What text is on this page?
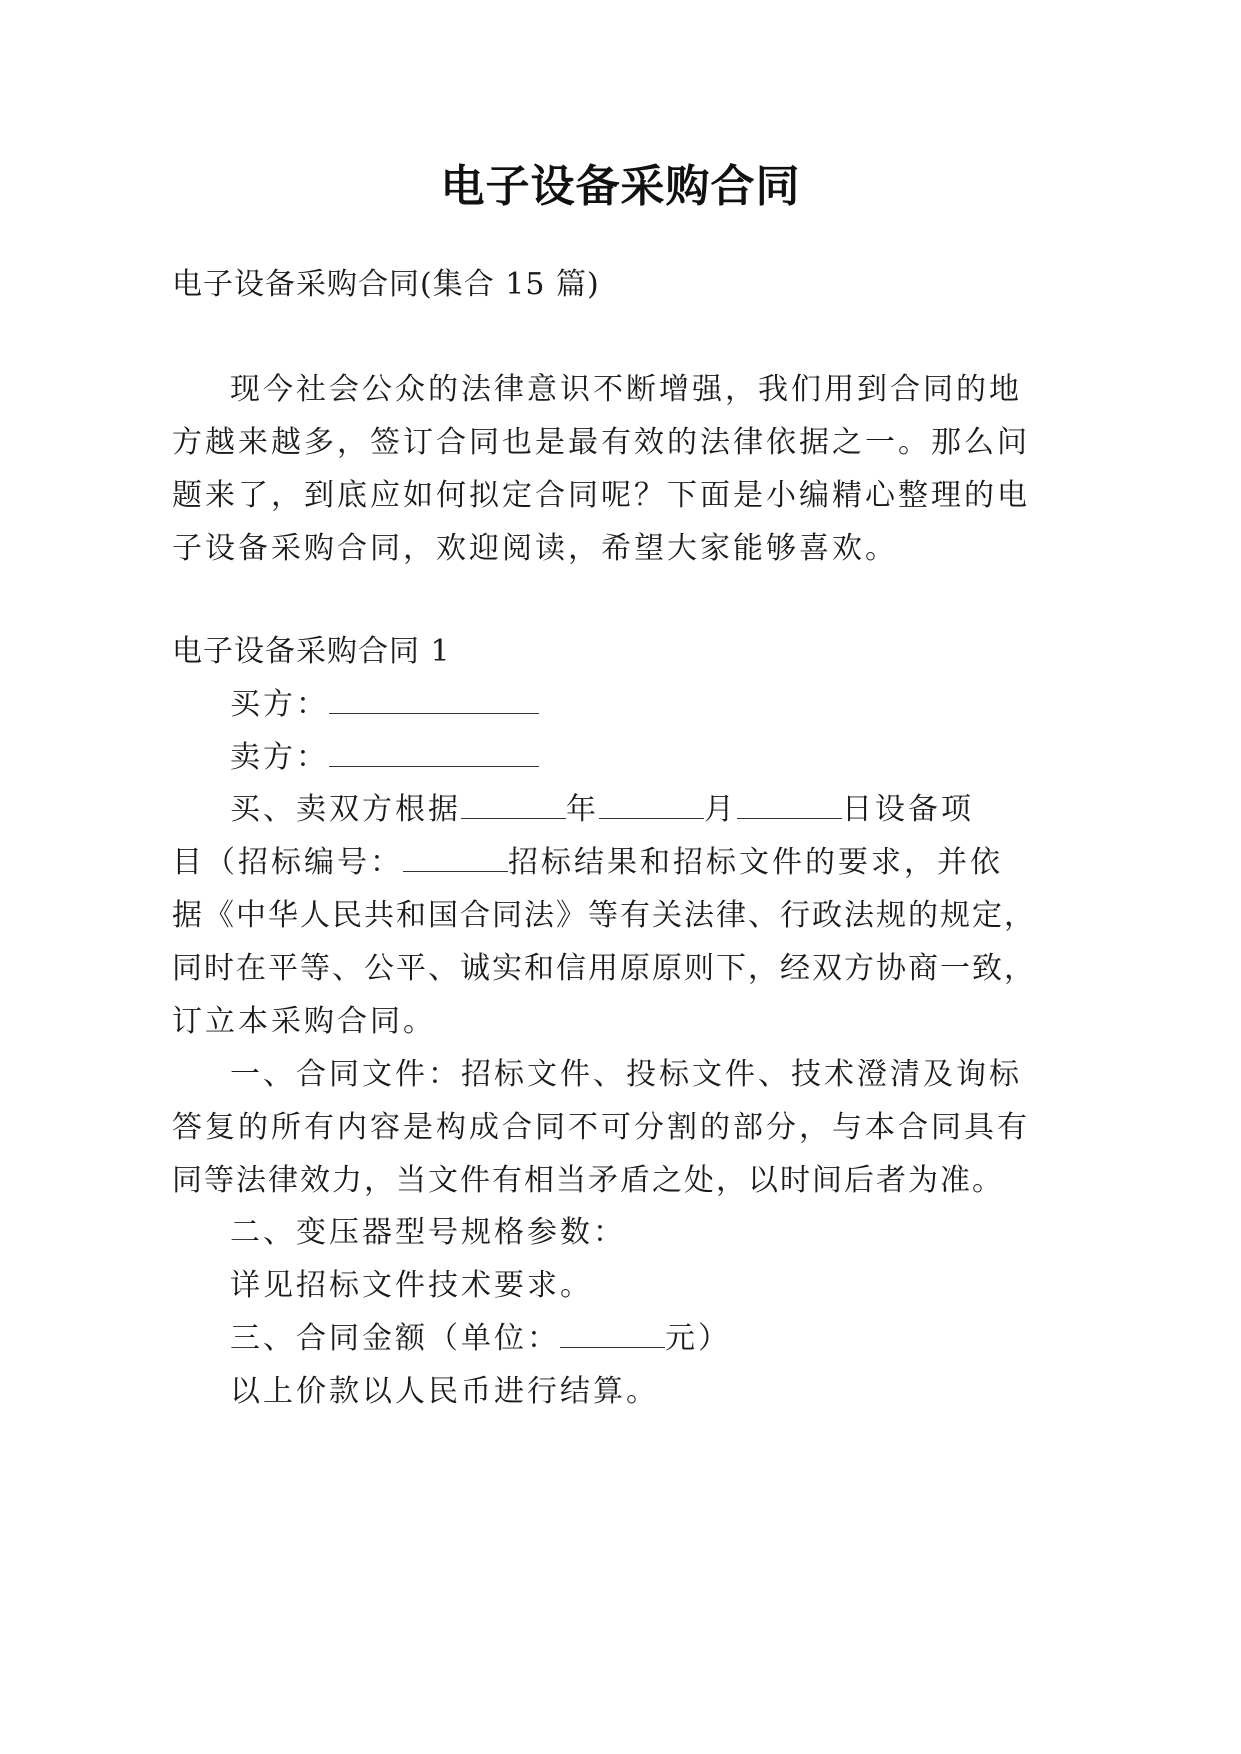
电子设备采购合同
电子设备采购合同(集合 15 篇)
现今社会公众的法律意识不断增强，我们用到合同的地
方越来越多，签订合同也是最有效的法律依据之一。那么问
题来了，到底应如何拟定合同呢？下面是小编精心整理的电
子设备采购合同，欢迎阅读，希望大家能够喜欢。
电子设备采购合同 1
买方：
卖方：
买、卖双方根据	年	月	日设备项
目（招标编号：	招标结果和招标文件的要求，并依
据《中华人民共和国合同法》等有关法律、行政法规的规定，
同时在平等、公平、诚实和信用原原则下，经双方协商一致，
订立本采购合同。
一、合同文件：招标文件、投标文件、技术澄清及询标
答复的所有内容是构成合同不可分割的部分，与本合同具有
同等法律效力，当文件有相当矛盾之处，以时间后者为准。
二、变压器型号规格参数：
详见招标文件技术要求。
三、合同金额（单位：	元）
以上价款以人民币进行结算。
